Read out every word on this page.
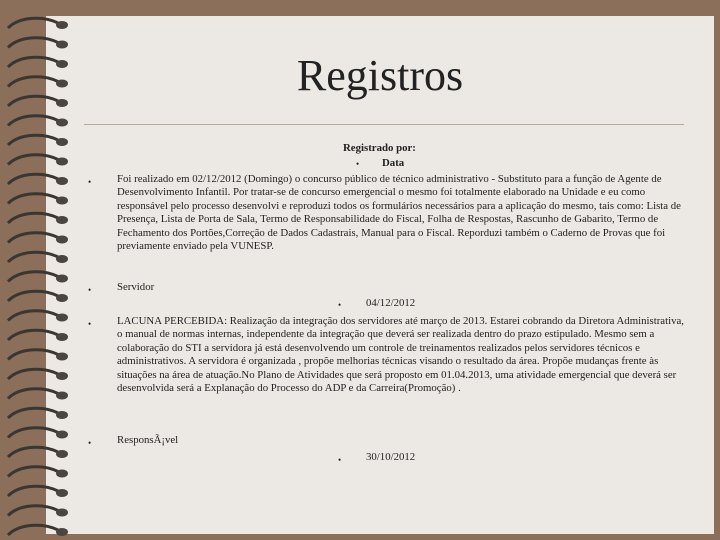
Registros
Registrado por:
• Data
• Foi realizado em 02/12/2012 (Domingo) o concurso público de técnico administrativo - Substituto para a função de Agente de Desenvolvimento Infantil. Por tratar-se de concurso emergencial o mesmo foi totalmente elaborado na Unidade e eu como responsável pelo processo desenvolvi e reproduzi todos os formulários necessários para a aplicação do mesmo, tais como: Lista de Presença, Lista de Porta de Sala, Termo de Responsabilidade do Fiscal, Folha de Respostas, Rascunho de Gabarito, Termo de Fechamento dos Portões,Correção de Dados Cadastrais, Manual para o Fiscal. Reporduzi também o Caderno de Provas que foi previamente enviado pela VUNESP.
• Servidor
• 04/12/2012
• LACUNA PERCEBIDA: Realização da integração dos servidores até março de 2013. Estarei cobrando da Diretora Administrativa, o manual de normas internas, independente da integração que deverá ser realizada dentro do prazo estipulado. Mesmo sem a colaboração do STI a servidora já está desenvolvendo um controle de treinamentos realizados pelos servidores técnicos e administrativos. A servidora é organizada , propõe melhorias técnicas visando o resultado da área. Propõe mudanças frente às situações na área de atuação.No Plano de Atividades que será proposto em 01.04.2013, uma atividade emergencial que deverá ser desenvolvida será a Explanação do Processo do ADP e da Carreira(Promoção) .
• ResponsÃ¡vel
• 30/10/2012
